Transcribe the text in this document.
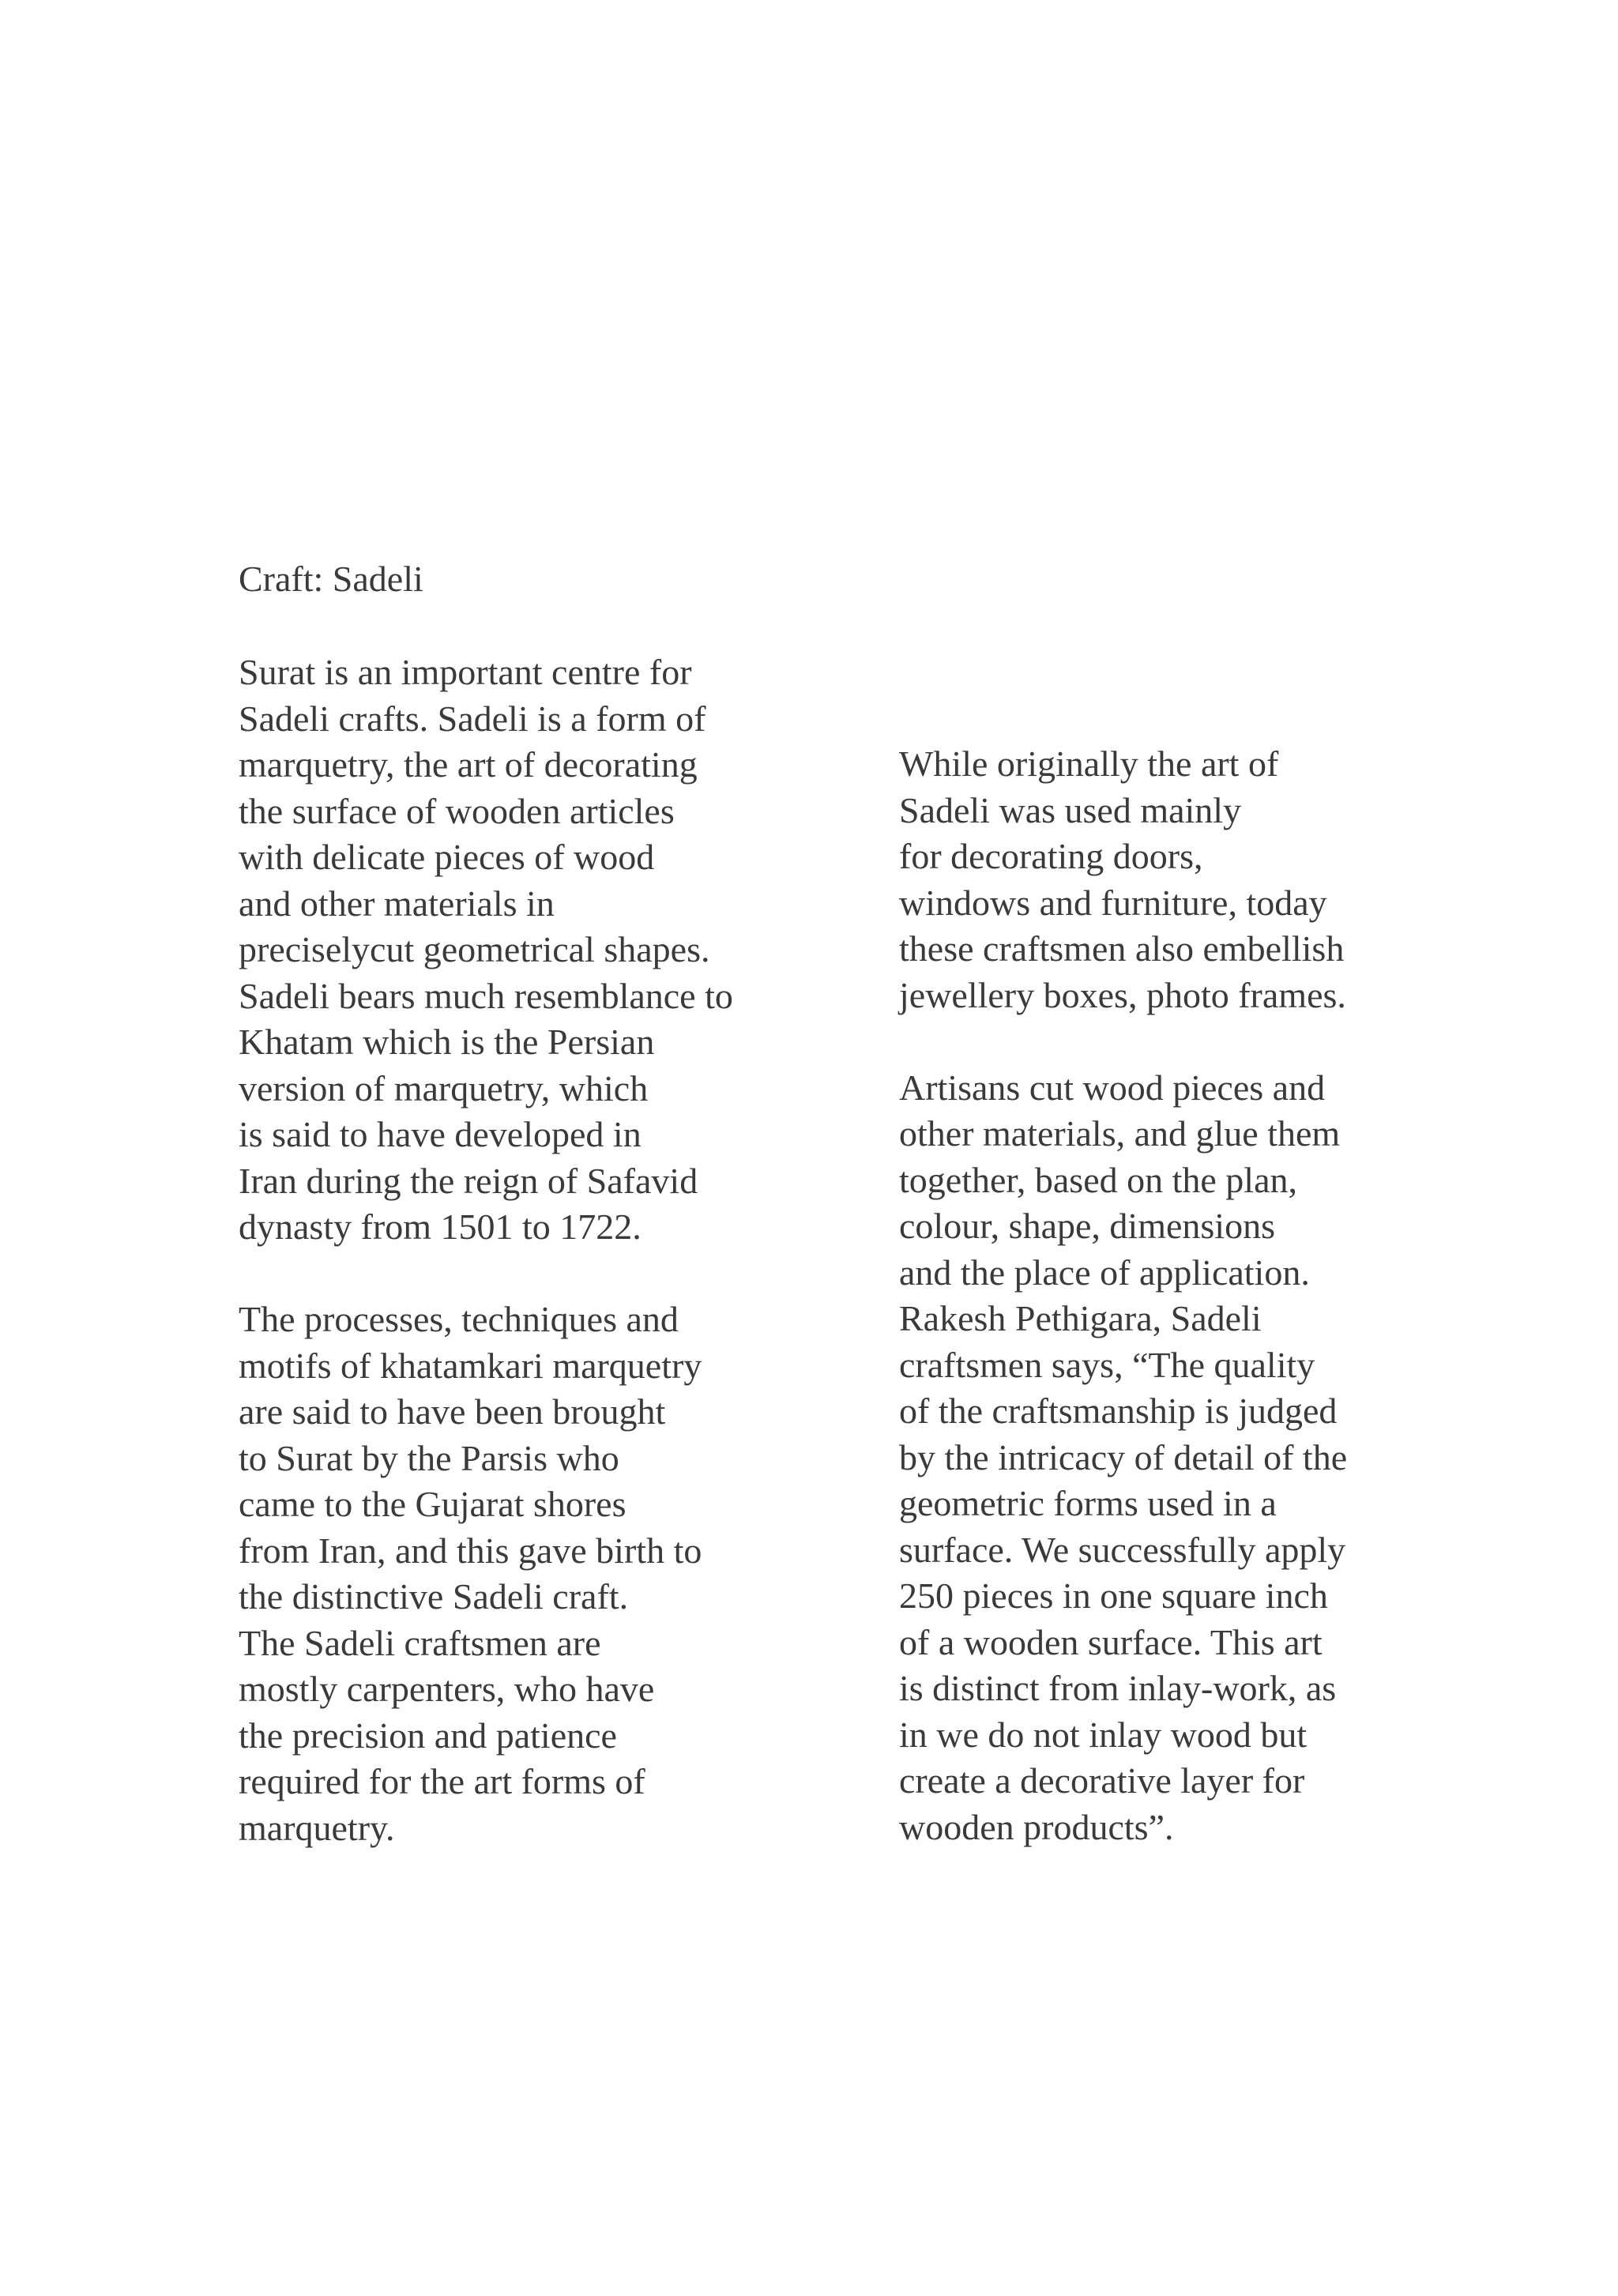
Craft: Sadeli
Surat is an important centre for
Sadeli crafts. Sadeli is a form of
marquetry, the art of decorating
the surface of wooden articles
with delicate pieces of wood
and other materials in
preciselycut geometrical shapes.
Sadeli bears much resemblance to
Khatam which is the Persian
version of marquetry, which
is said to have developed in
Iran during the reign of Safavid
dynasty from 1501 to 1722.
The processes, techniques and
motifs of khatamkari marquetry
are said to have been brought
to Surat by the Parsis who
came to the Gujarat shores
from Iran, and this gave birth to
the distinctive Sadeli craft.
The Sadeli craftsmen are
mostly carpenters, who have
the precision and patience
required for the art forms of
marquetry.
While originally the art of
Sadeli was used mainly
for decorating doors,
windows and furniture, today
these craftsmen also embellish
jewellery boxes, photo frames.
Artisans cut wood pieces and
other materials, and glue them
together, based on the plan,
colour, shape, dimensions
and the place of application.
Rakesh Pethigara, Sadeli
craftsmen says, “The quality
of the craftsmanship is judged
by the intricacy of detail of the
geometric forms used in a
surface. We successfully apply
250 pieces in one square inch
of a wooden surface. This art
is distinct from inlay-work, as
in we do not inlay wood but
create a decorative layer for
wooden products”.
